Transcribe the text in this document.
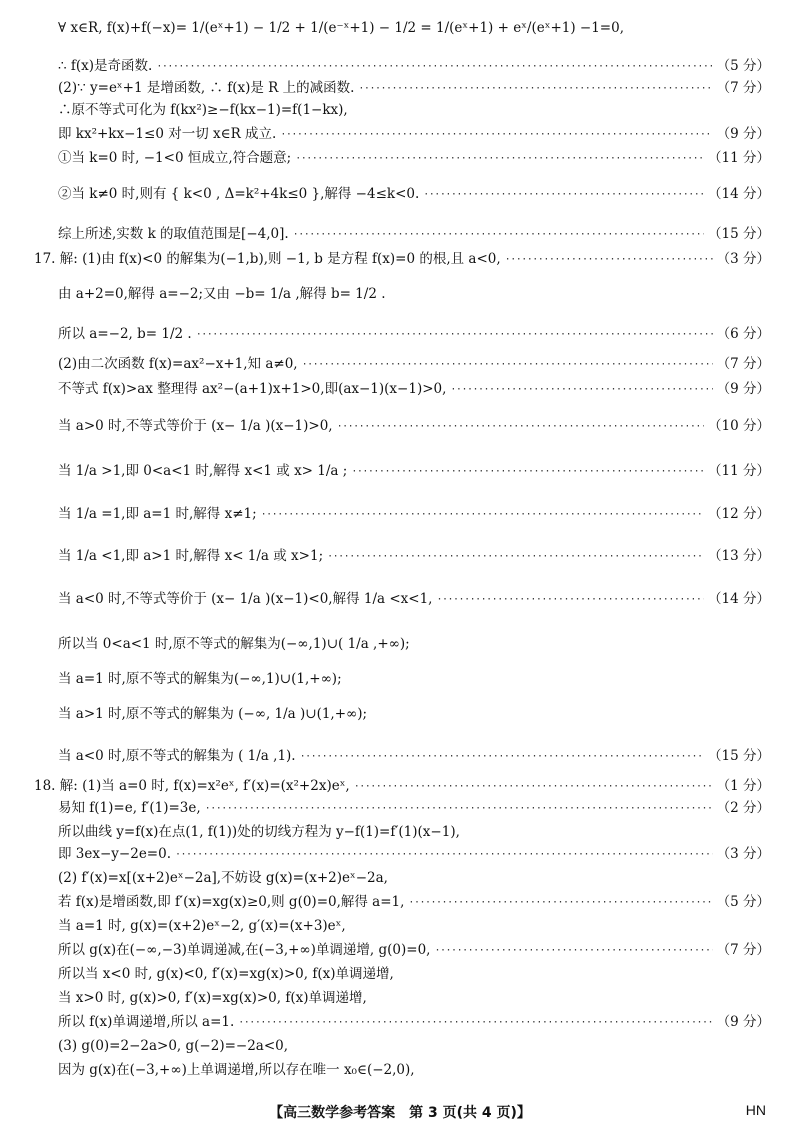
∀ x∈R, f(x)+f(−x)= 1/(eˣ+1) − 1/2 + 1/(e⁻ˣ+1) − 1/2 = 1/(eˣ+1) + eˣ/(eˣ+1) −1=0,
∴ f(x)是奇函数. ·····	（5 分）
(2)∵ y=eˣ+1 是增函数, ∴ f(x)是 R 上的减函数. ·····	（7 分）
∴原不等式可化为 f(kx²)≥−f(kx−1)=f(1−kx),
即 kx²+kx−1≤0 对一切 x∈R 成立. ·····	（9 分）
①当 k=0 时, −1<0 恒成立,符合题意; ·····	（11 分）
②当 k≠0 时,则有 { k<0 , Δ=k²+4k≤0 },解得 −4≤k<0. ·····	（14 分）
综上所述,实数 k 的取值范围是[−4,0]. ·····	（15 分）
17. 解: (1)由 f(x)<0 的解集为(−1,b),则 −1, b 是方程 f(x)=0 的根,且 a<0, ·····	（3 分）
由 a+2=0,解得 a=−2;又由 −b= 1/a ,解得 b= 1/2 .
所以 a=−2, b= 1/2 . ·····	（6 分）
(2)由二次函数 f(x)=ax²−x+1,知 a≠0, ·····	（7 分）
不等式 f(x)>ax 整理得 ax²−(a+1)x+1>0,即(ax−1)(x−1)>0, ·····	（9 分）
当 a>0 时,不等式等价于 (x− 1/a )(x−1)>0, ·····	（10 分）
当 1/a >1,即 0<a<1 时,解得 x<1 或 x> 1/a ; ·····	（11 分）
当 1/a =1,即 a=1 时,解得 x≠1; ·····	（12 分）
当 1/a <1,即 a>1 时,解得 x< 1/a 或 x>1; ·····	（13 分）
当 a<0 时,不等式等价于 (x− 1/a )(x−1)<0,解得 1/a <x<1, ·····	（14 分）
所以当 0<a<1 时,原不等式的解集为(−∞,1)∪( 1/a ,+∞);
当 a=1 时,原不等式的解集为(−∞,1)∪(1,+∞);
当 a>1 时,原不等式的解集为 (−∞, 1/a )∪(1,+∞);
当 a<0 时,原不等式的解集为 ( 1/a ,1). ·····	（15 分）
18. 解: (1)当 a=0 时, f(x)=x²eˣ, f′(x)=(x²+2x)eˣ, ·····	（1 分）
易知 f(1)=e, f′(1)=3e, ·····	（2 分）
所以曲线 y=f(x)在点(1, f(1))处的切线方程为 y−f(1)=f′(1)(x−1),
即 3ex−y−2e=0. ·····	（3 分）
(2) f′(x)=x[(x+2)eˣ−2a],不妨设 g(x)=(x+2)eˣ−2a,
若 f(x)是增函数,即 f′(x)=xg(x)≥0,则 g(0)=0,解得 a=1, ·····	（5 分）
当 a=1 时, g(x)=(x+2)eˣ−2, g′(x)=(x+3)eˣ,
所以 g(x)在(−∞,−3)单调递减,在(−3,+∞)单调递增, g(0)=0, ·····	（7 分）
所以当 x<0 时, g(x)<0, f′(x)=xg(x)>0, f(x)单调递增,
当 x>0 时, g(x)>0, f′(x)=xg(x)>0, f(x)单调递增,
所以 f(x)单调递增,所以 a=1. ·····	（9 分）
(3) g(0)=2−2a>0, g(−2)=−2a<0,
因为 g(x)在(−3,+∞)上单调递增,所以存在唯一 x₀∈(−2,0),
【高三数学参考答案　第 3 页(共 4 页)】	HN
